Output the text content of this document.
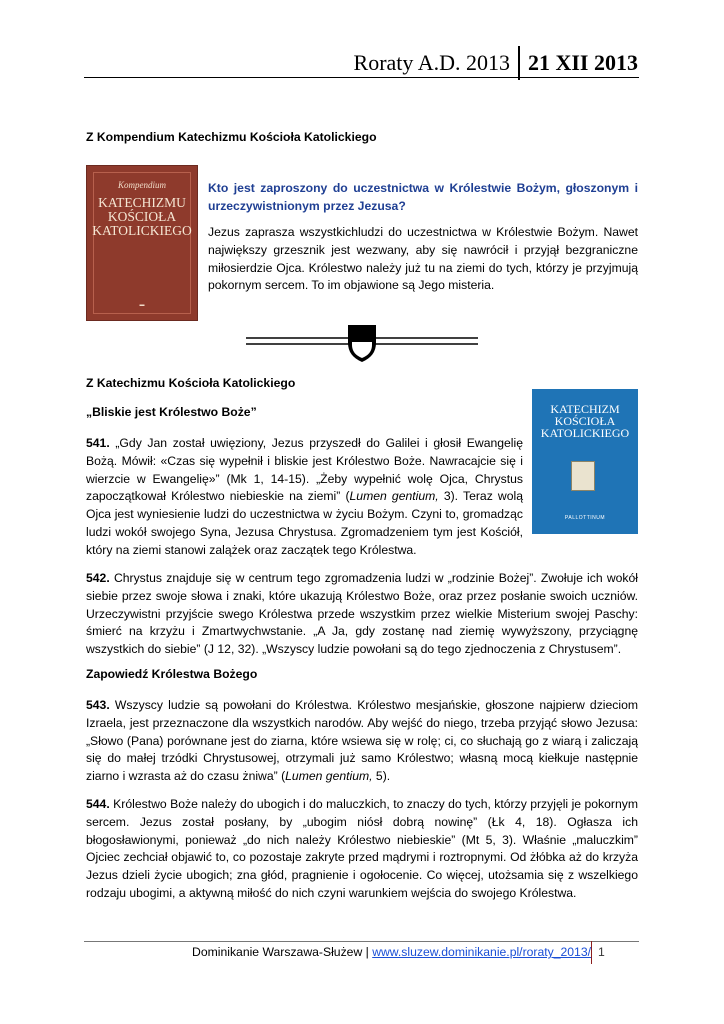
Roraty A.D. 2013 21 XII 2013
Z Kompendium Katechizmu Kościoła Katolickiego
Kompendium
KATECHIZMU KOŚCIOŁA KATOLICKIEGO
▬
Kto jest zaproszony do uczestnictwa w Królestwie Bożym, głoszonym i urzeczywistnionym przez Jezusa?
Jezus zaprasza wszystkichludzi do uczestnictwa w Królestwie Bożym. Nawet największy grzesznik jest wezwany, aby się nawrócił i przyjął bezgraniczne miłosierdzie Ojca. Królestwo należy już tu na ziemi do tych, którzy je przyjmują pokornym sercem. To im objawione są Jego misteria.
Z Katechizmu Kościoła Katolickiego
„Bliskie jest Królestwo Boże”	KATECHIZM KOŚCIOŁA KATOLICKIEGO
PALLOTTINUM
541. „Gdy Jan został uwięziony, Jezus przyszedł do Galilei i głosił Ewangelię Bożą. Mówił: «Czas się wypełnił i bliskie jest Królestwo Boże. Nawracajcie się i wierzcie w Ewangelię»” (Mk 1, 14-15). „Żeby wypełnić wolę Ojca, Chrystus zapoczątkował Królestwo niebieskie na ziemi” (Lumen gentium, 3). Teraz wolą Ojca jest wyniesienie ludzi do uczestnictwa w życiu Bożym. Czyni to, gromadząc ludzi wokół swojego Syna, Jezusa Chrystusa. Zgromadzeniem tym jest Kościół, który na ziemi stanowi zalążek oraz zaczątek tego Królestwa.
542. Chrystus znajduje się w centrum tego zgromadzenia ludzi w „rodzinie Bożej”. Zwołuje ich wokół siebie przez swoje słowa i znaki, które ukazują Królestwo Boże, oraz przez posłanie swoich uczniów. Urzeczywistni przyjście swego Królestwa przede wszystkim przez wielkie Misterium swojej Paschy: śmierć na krzyżu i Zmartwychwstanie. „A Ja, gdy zostanę nad ziemię wywyższony, przyciągnę wszystkich do siebie” (J 12, 32). „Wszyscy ludzie powołani są do tego zjednoczenia z Chrystusem”.
Zapowiedź Królestwa Bożego
543. Wszyscy ludzie są powołani do Królestwa. Królestwo mesjańskie, głoszone najpierw dzieciom Izraela, jest przeznaczone dla wszystkich narodów. Aby wejść do niego, trzeba przyjąć słowo Jezusa: „Słowo (Pana) porównane jest do ziarna, które wsiewa się w rolę; ci, co słuchają go z wiarą i zaliczają się do małej trzódki Chrystusowej, otrzymali już samo Królestwo; własną mocą kiełkuje następnie ziarno i wzrasta aż do czasu żniwa” (Lumen gentium, 5).
544. Królestwo Boże należy do ubogich i do maluczkich, to znaczy do tych, którzy przyjęli je pokornym sercem. Jezus został posłany, by „ubogim niósł dobrą nowinę” (Łk 4, 18). Ogłasza ich błogosławionymi, ponieważ „do nich należy Królestwo niebieskie” (Mt 5, 3). Właśnie „maluczkim” Ojciec zechciał objawić to, co pozostaje zakryte przed mądrymi i roztropnymi. Od żłóbka aż do krzyża Jezus dzieli życie ubogich; zna głód, pragnienie i ogołocenie. Co więcej, utożsamia się z wszelkiego rodzaju ubogimi, a aktywną miłość do nich czyni warunkiem wejścia do swojego Królestwa.
Dominikanie Warszawa-Służew | www.sluzew.dominikanie.pl/roraty_2013/ 1
